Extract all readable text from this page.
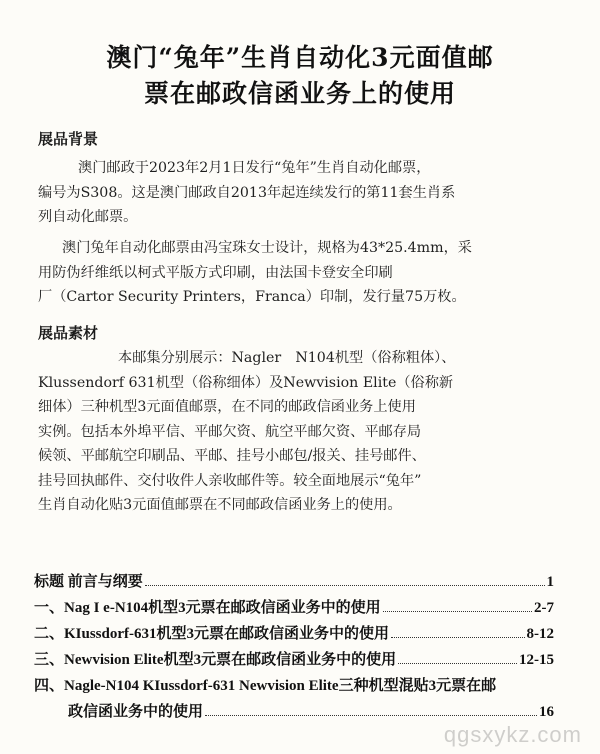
澳门“兔年”生肖自动化3元面值邮
票在邮政信函业务上的使用
展品背景
澳门邮政于2023年2月1日发行“兔年”生肖自动化邮票，
编号为S308。这是澳门邮政自2013年起连续发行的第11套生肖系
列自动化邮票。
澳门兔年自动化邮票由冯宝珠女士设计，规格为43*25.4mm，采
用防伪纤维纸以柯式平版方式印刷，由法国卡登安全印刷
厂（Cartor Security Printers，Franca）印制，发行量75万枚。
展品素材
本邮集分别展示：Nagler　N104机型（俗称粗体）、
Klussendorf 631机型（俗称细体）及Newvision Elite（俗称新
细体）三种机型3元面值邮票，在不同的邮政信函业务上使用
实例。包括本外埠平信、平邮欠资、航空平邮欠资、平邮存局
候领、平邮航空印刷品、平邮、挂号小邮包/报关、挂号邮件、
挂号回执邮件、交付收件人亲收邮件等。较全面地展示“兔年”
生肖自动化贴3元面值邮票在不同邮政信函业务上的使用。
标题 前言与纲要	1
一、Nag I e-N104机型3元票在邮政信函业务中的使用	2-7
二、KIussdorf-631机型3元票在邮政信函业务中的使用	8-12
三、Newvision Elite机型3元票在邮政信函业务中的使用	12-15
四、Nagle-N104 KIussdorf-631 Newvision Elite三种机型混贴3元票在邮
政信函业务中的使用	16
qgsxykz.com
